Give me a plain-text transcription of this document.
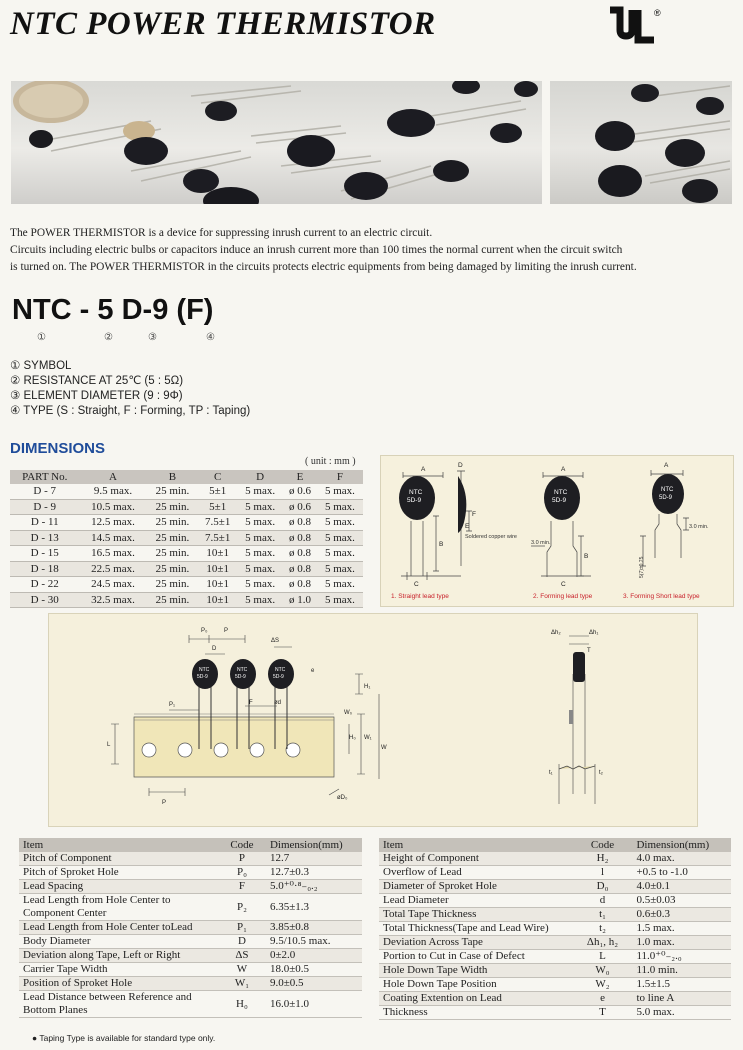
NTC POWER THERMISTOR	®
The POWER THERMISTOR is a device for suppressing inrush current to an electric circuit.
Circuits including electric bulbs or capacitors induce an inrush current more than 100 times the normal current when the circuit switch
is turned on. The POWER THERMISTOR in the circuits protects electric equipments from being damaged by limiting the inrush current.
NTC - 5 D-9 (F)
①	②	③	④
① SYMBOL
② RESISTANCE AT 25℃ (5 : 5Ω)
③ ELEMENT DIAMETER (9 : 9Φ)
④ TYPE (S : Straight, F : Forming, TP : Taping)
DIMENSIONS
( unit : mm )
PART No.	A	B	C	D	E	F
D - 7	9.5 max.	25 min.	5±1	5 max.	ø 0.6	5 max.
D - 9	10.5 max.	25 min.	5±1	5 max.	ø 0.6	5 max.
D - 11	12.5 max.	25 min.	7.5±1	5 max.	ø 0.8	5 max.
D - 13	14.5 max.	25 min.	7.5±1	5 max.	ø 0.8	5 max.
D - 15	16.5 max.	25 min.	10±1	5 max.	ø 0.8	5 max.
D - 18	22.5 max.	25 min.	10±1	5 max.	ø 0.8	5 max.
D - 22	24.5 max.	25 min.	10±1	5 max.	ø 0.8	5 max.
D - 30	32.5 max.	25 min.	10±1	5 max.	ø 1.0	5 max.
NTC
5D-9
NTC
5D-9
NTC
5D-9
A
B
C
D
E
F
A
B
C
A
Soldered copper wire
3.0 min.
3.0 min.
5(7)±0.75
1. Straight lead type	2. Forming lead type	3. Forming Short lead type
NTC
5D-9
NTC
5D-9
NTC
5D-9
P₀	P
ΔS
D
e
H₁
F	ød
P₁
L
W₀
H₀ W₁
W
P
øD₀
Δh₂	Δh₁
T
t₁	t₂
Item	Code	Dimension(mm)
Pitch of Component	P	12.7
Pitch of Sproket Hole	P₀	12.7±0.3
Lead Spacing	F	5.0⁺⁰·⁸₋₀.₂
Lead Length from Hole Center to Component Center	P₂	6.35±1.3
Lead Length from Hole Center toLead	P₁	3.85±0.8
Body Diameter	D	9.5/10.5 max.
Deviation along Tape, Left or Right	ΔS	0±2.0
Carrier Tape Width	W	18.0±0.5
Position of Sproket Hole	W₁	9.0±0.5
Lead Distance between Reference and Bottom Planes	H₀	16.0±1.0
Item	Code	Dimension(mm)
Height of Component	H₂	4.0 max.
Overflow of Lead	l	+0.5 to -1.0
Diameter of Sproket Hole	D₀	4.0±0.1
Lead Diameter	d	0.5±0.03
Total Tape Thickness	t₁	0.6±0.3
Total Thickness(Tape and Lead Wire)	t₂	1.5 max.
Deviation Across Tape	Δh₁, h₂	1.0 max.
Portion to Cut in Case of Defect	L	11.0⁺⁰₋₂.₀
Hole Down Tape Width	W₀	11.0 min.
Hole Down Tape Position	W₂	1.5±1.5
Coating Extention on Lead	e	to line A
Thickness	T	5.0 max.
● Taping Type is available for standard type only.
